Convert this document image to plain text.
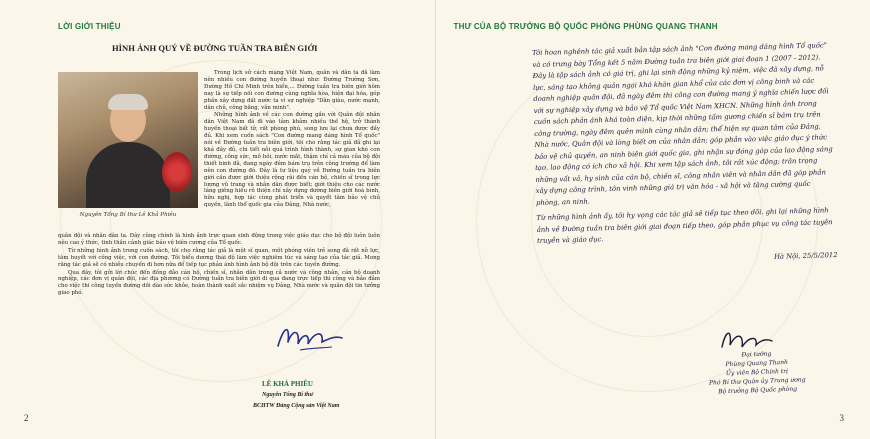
LỜI GIỚI THIỆU
HÌNH ẢNH QUÝ VỀ ĐƯỜNG TUẦN TRA BIÊN GIỚI
Nguyên Tổng Bí thư Lê Khả Phiêu

Trong lịch sử cách mạng Việt Nam, quân và dân ta đã làm nên nhiều con đường huyền thoại như: Đường Trường Sơn, Đường Hồ Chí Minh trên biển,... Đường tuần tra biên giới hôm nay là sự tiếp nối con đường cùng nghĩa hòa, hiện đại hóa, góp phần xây dựng đất nước ta vì sự nghiệp "Dân giàu, nước mạnh, dân chủ, công bằng, văn minh".

Những hình ảnh về các con đường gắn với Quân đội nhân dân Việt Nam đã đi vào tâm khảm nhiều thế hệ, trở thành huyền thoại bất tử, rất phong phú, song lưu lại chưa được đầy đủ. Khi xem cuốn sách "Con đường mang dáng hình Tổ quốc" nói về Đường tuần tra biên giới, tôi cho rằng tác giả đã ghi lại khá đầy đủ, chi tiết nỗi quá trình hình thành, sự gian khó con đường, công sức, mồ hôi, nước mắt, thậm chí cả máu của bộ đội thiết binh đã, đang ngày đêm bám trụ trên công trường để làm nên con đường đó. Đây là tư liệu quý về Đường tuần tra biên giới cần được giới thiệu rộng rãi đến cán bộ, chiến sĩ trong lực lượng vũ trang và nhân dân được biết; giới thiệu cho các nước láng giềng hiểu rõ thiện chí xây dựng đường biên giới hoà bình, hữu nghị, hợp tác cùng phát triển và quyết tâm bảo vệ chủ quyền, lãnh thổ quốc gia của Đảng, Nhà nước,

quân đội và nhân dân ta. Đây cũng chính là hình ảnh trực quan sinh động trong việc giáo dục cho bộ đội luôn luôn nêu cao ý thức, tinh thần cảnh giác bảo vệ biên cương của Tổ quốc.

Từ những hình ảnh trong cuốn sách, tôi cho rằng tác giả là một sĩ quan, một phóng viên trẻ song đã rất nỗ lực, tâm huyết với công việc, với con đường. Tôi biểu dương thái độ làm việc nghiêm túc và sáng tạo của tác giả. Mong rằng tác giả sẽ có nhiều chuyến đi hơn nữa để tiếp tục phản ánh hình ảnh bộ đội trên các tuyến đường.

Qua đây, tôi gửi lời chúc đến đồng đảo cán bộ, chiến sĩ, nhân dân trong cả nước và công nhân, cán bộ doanh nghiệp, các đơn vị quân đội, các địa phương có Đường tuần tra biên giới đi qua đang trực tiếp thi công và bảo đảm cho việc thi công tuyến đường dồi dào sức khỏe, hoàn thành xuất sắc nhiệm vụ Đảng, Nhà nước và quân đội tin tưởng giao phó.

LÊ KHẢ PHIÊU
Nguyên Tổng Bí thư
BCHTW Đảng Cộng sản Việt Nam
2
THƯ CỦA BỘ TRƯỞNG BỘ QUỐC PHÒNG PHÙNG QUANG THANH

Tôi hoan nghênh tác giả xuất bản tập sách ảnh "Con đường mang dáng hình Tổ quốc" và có trưng bày Tổng kết 5 năm Đường tuần tra biên giới giai đoạn 1 (2007 - 2012). Đây là tập sách ảnh có giá trị, ghi lại sinh động những kỷ niệm, việc đã xây dựng, nỗ lực, sáng tạo không quản ngại khó khăn gian khổ của các đơn vị công binh và các doanh nghiệp quân đội, đã ngày đêm thi công con đường mang ý nghĩa chiến lược đối với sự nghiệp xây dựng và bảo vệ Tổ quốc Việt Nam XHCN. Những hình ảnh trong cuốn sách phản ánh khá toàn diện, kịp thời những tấm gương chiến sĩ bám trụ trên công trường, ngày đêm quên mình cùng nhân dân; thể hiện sự quan tâm của Đảng, Nhà nước, Quân đội và lòng biết ơn của nhân dân; góp phần vào việc giáo dục ý thức bảo vệ chủ quyền, an ninh biên giới quốc gia, ghi nhận sự đóng góp của lao động sáng tạo, lao động có ích cho xã hội. Khi xem tập sách ảnh, tôi rất xúc động; trân trọng những vất vả, hy sinh của cán bộ, chiến sĩ, công nhân viên và nhân dân đã góp phần xây dựng công trình, tôn vinh những giá trị văn hóa - xã hội và tăng cường quốc phòng, an ninh.

Từ những hình ảnh ấy, tôi hy vọng các tác giả sẽ tiếp tục theo dõi, ghi lại những hình ảnh về Đường tuần tra biên giới giai đoạn tiếp theo, góp phần phục vụ công tác tuyên truyền và giáo dục.

Hà Nội, 25/5/2012

Đại tướng

Phùng Quang Thanh

Ủy viên Bộ Chính trị

Phó Bí thư Quân ủy Trung ương

Bộ trưởng Bộ Quốc phòng

3
